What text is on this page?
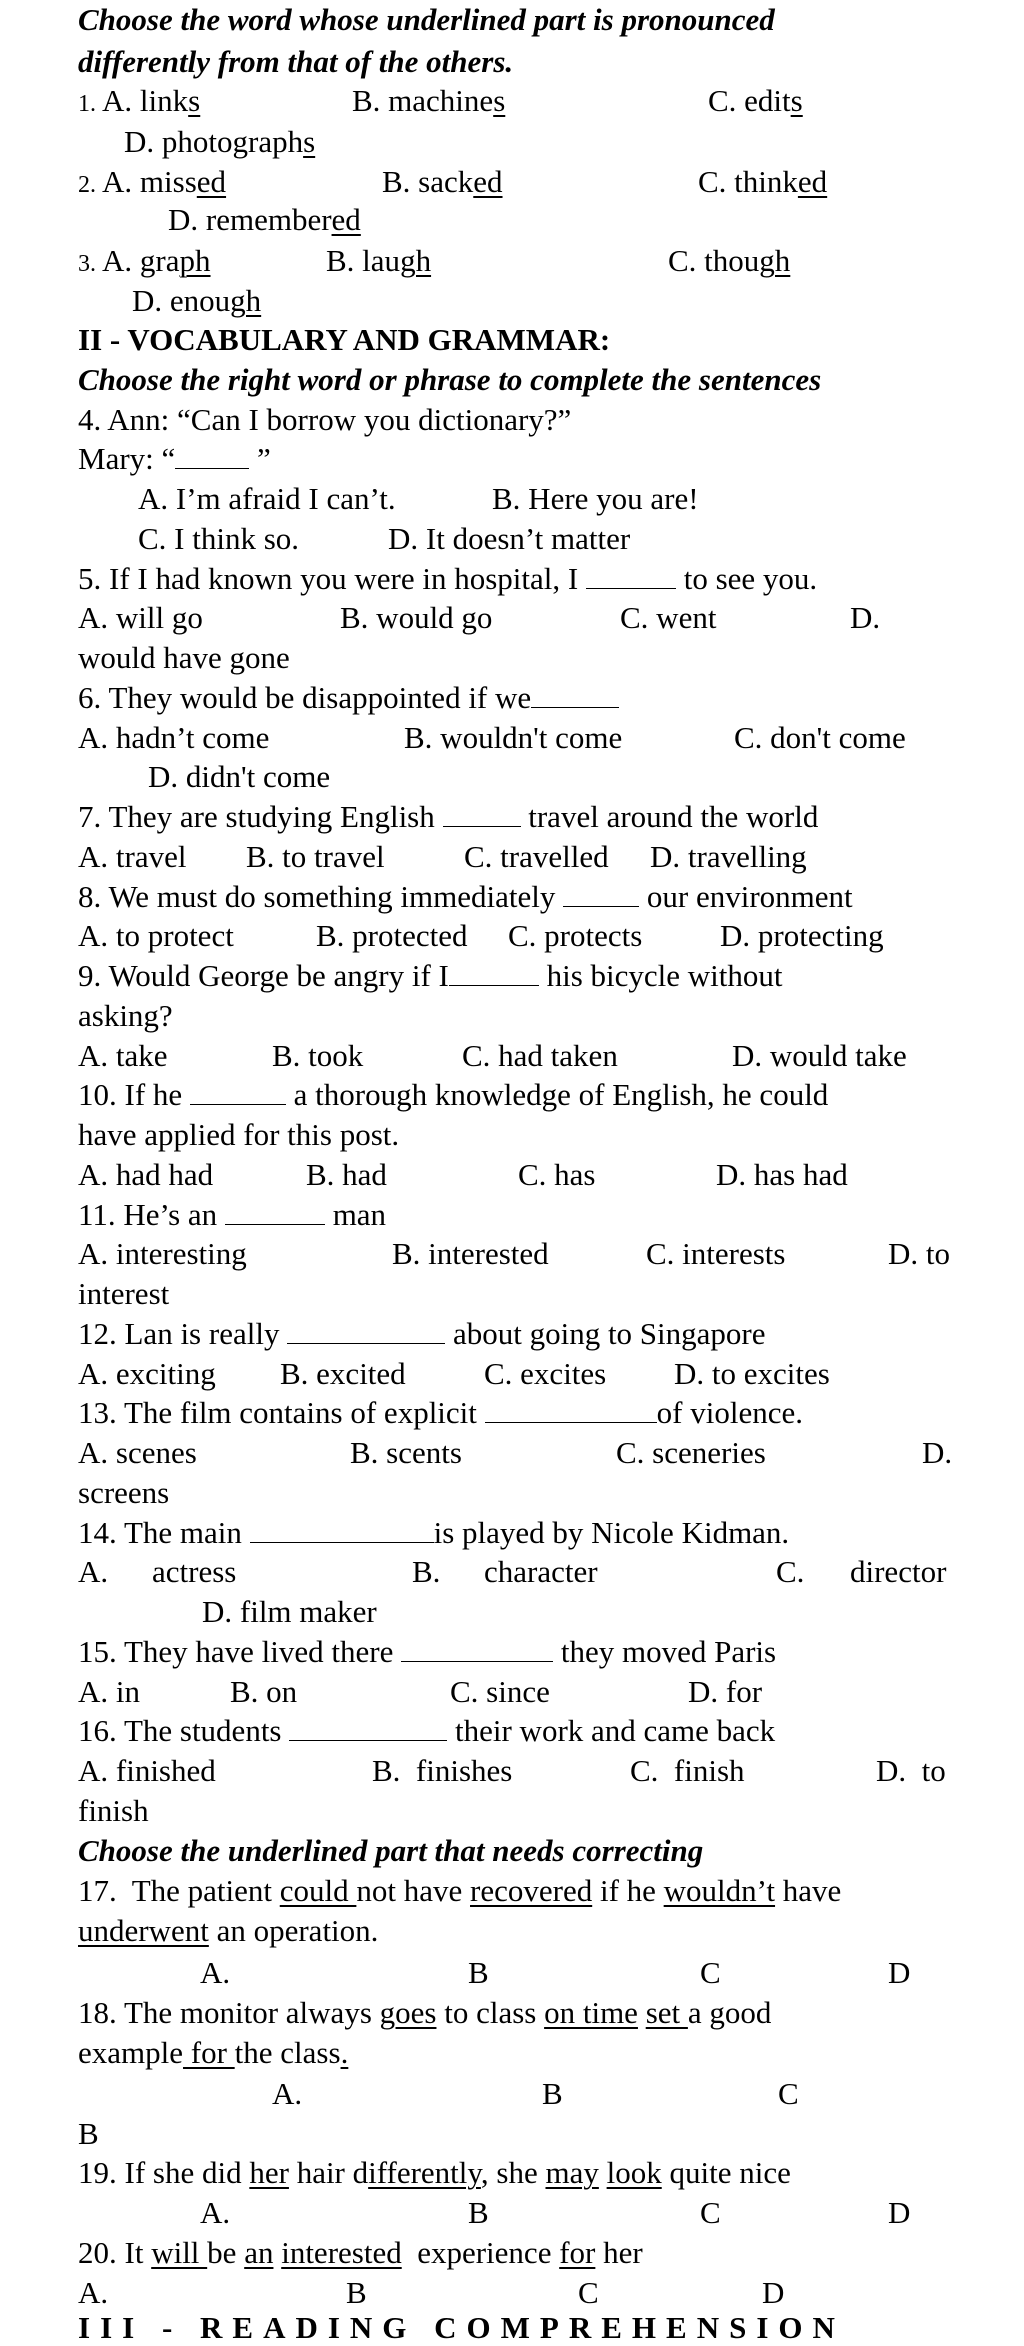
Choose the word whose underlined part is pronounced
differently from that of the others.
1. A. links	B. machines	C. edits
D. photographs
2. A. missed	B. sacked	C. thinked
D. remembered
3. A. graph	B. laugh	C. though
D. enough
II - VOCABULARY AND GRAMMAR:
Choose the right word or phrase to complete the sentences
4. Ann: “Can I borrow you dictionary?”
Mary: “	”
A. I’m afraid I can’t.	B. Here you are!
C. I think so.	D. It doesn’t matter
5. If I had known you were in hospital, I	to see you.
A. will go	B. would go	C. went	D.
would have gone
6. They would be disappointed if we
A. hadn’t come	B. wouldn't come	C. don't come
D. didn't come
7. They are studying English	travel around the world
A. travel B. to travel	C. travelled D. travelling
8. We must do something immediately	our environment
A. to protect	B. protected C. protects	D. protecting
9. Would George be angry if I	his bicycle without
asking?
A. take	B. took	C. had taken	D. would take
10. If he	a thorough knowledge of English, he could
have applied for this post.
A. had had	B. had	C. has	D. has had
11. He’s an	man
A. interesting	B. interested	C. interests	D. to
interest
12. Lan is really	about going to Singapore
A. exciting B. excited	C. excites D. to excites
13. The film contains of explicit	of violence.
A. scenes	B. scents	C. sceneries	D.
screens
14. The main	is played by Nicole Kidman.
A. actress	B. character	C. director
D. film maker
15. They have lived there	they moved Paris
A. in	B. on	C. since	D. for
16. The students	their work and came back
A. finished	B.  finishes	C.  finish	D.  to
finish
Choose the underlined part that needs correcting
17.  The patient could not have recovered if he wouldn’t have
underwent an operation.
A.	B	C	D
18. The monitor always goes to class on time set a good
example for the class.
A.	B	C
B
19. If she did her hair differently, she may look quite nice
A.	B	C	D
20. It will be an interested  experience for her
A.	B	C	D
III - READING COMPREHENSION
